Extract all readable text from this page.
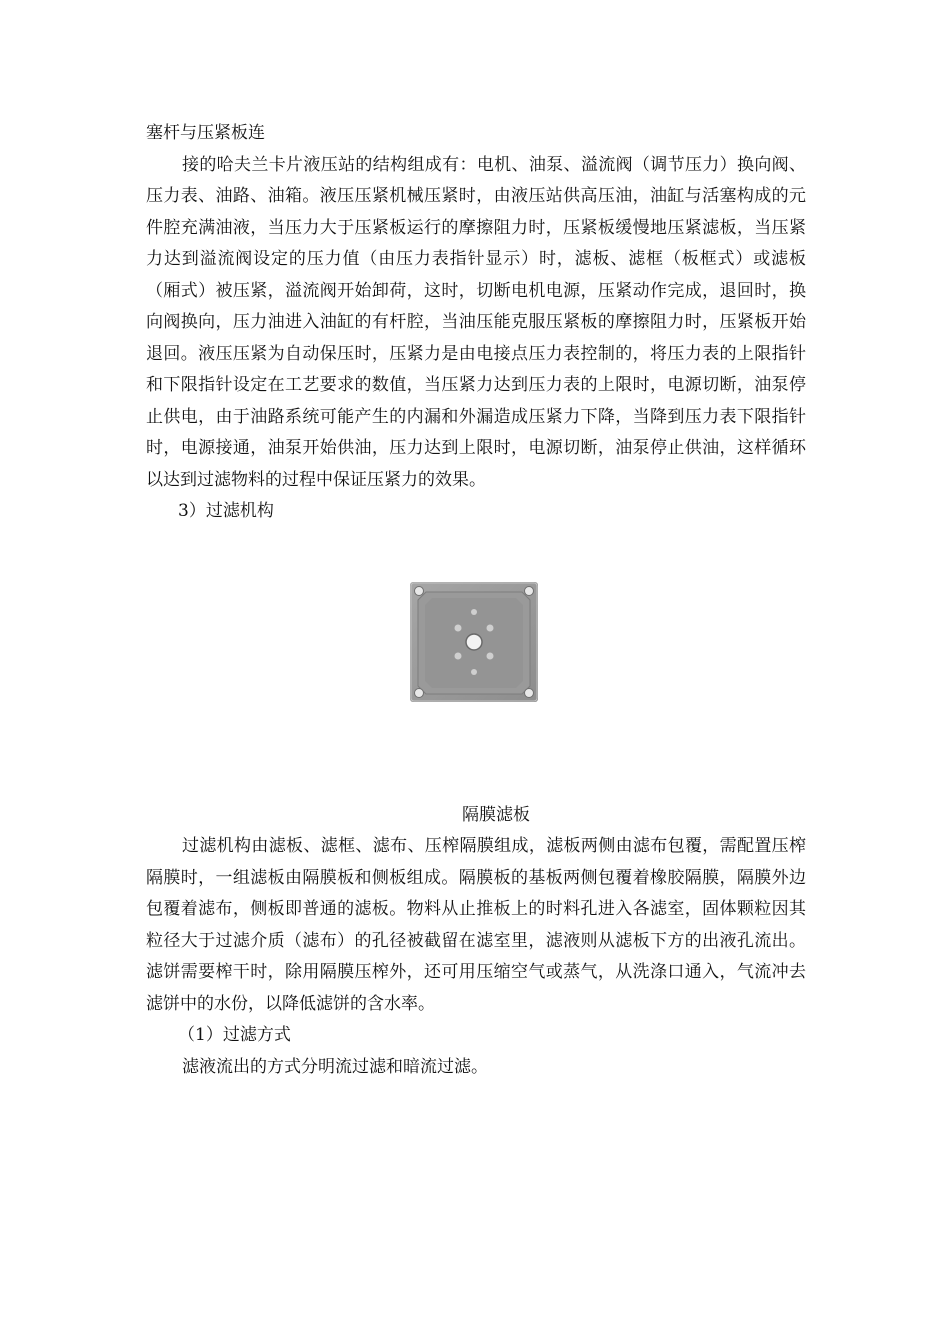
塞杆与压紧板连

接的哈夫兰卡片液压站的结构组成有：电机、油泵、溢流阀（调节压力）换向阀、压力表、油路、油箱。液压压紧机械压紧时，由液压站供高压油，油缸与活塞构成的元件腔充满油液，当压力大于压紧板运行的摩擦阻力时，压紧板缓慢地压紧滤板，当压紧力达到溢流阀设定的压力值（由压力表指针显示）时，滤板、滤框（板框式）或滤板（厢式）被压紧，溢流阀开始卸荷，这时，切断电机电源，压紧动作完成，退回时，换向阀换向，压力油进入油缸的有杆腔，当油压能克服压紧板的摩擦阻力时，压紧板开始退回。液压压紧为自动保压时，压紧力是由电接点压力表控制的，将压力表的上限指针和下限指针设定在工艺要求的数值，当压紧力达到压力表的上限时，电源切断，油泵停止供电，由于油路系统可能产生的内漏和外漏造成压紧力下降，当降到压力表下限指针时，电源接通，油泵开始供油，压力达到上限时，电源切断，油泵停止供油，这样循环以达到过滤物料的过程中保证压紧力的效果。

3）过滤机构

隔膜滤板

过滤机构由滤板、滤框、滤布、压榨隔膜组成，滤板两侧由滤布包覆，需配置压榨隔膜时，一组滤板由隔膜板和侧板组成。隔膜板的基板两侧包覆着橡胶隔膜，隔膜外边包覆着滤布，侧板即普通的滤板。物料从止推板上的时料孔进入各滤室，固体颗粒因其粒径大于过滤介质（滤布）的孔径被截留在滤室里，滤液则从滤板下方的出液孔流出。滤饼需要榨干时，除用隔膜压榨外，还可用压缩空气或蒸气，从洗涤口通入，气流冲去滤饼中的水份，以降低滤饼的含水率。

（1）过滤方式

滤液流出的方式分明流过滤和暗流过滤。
